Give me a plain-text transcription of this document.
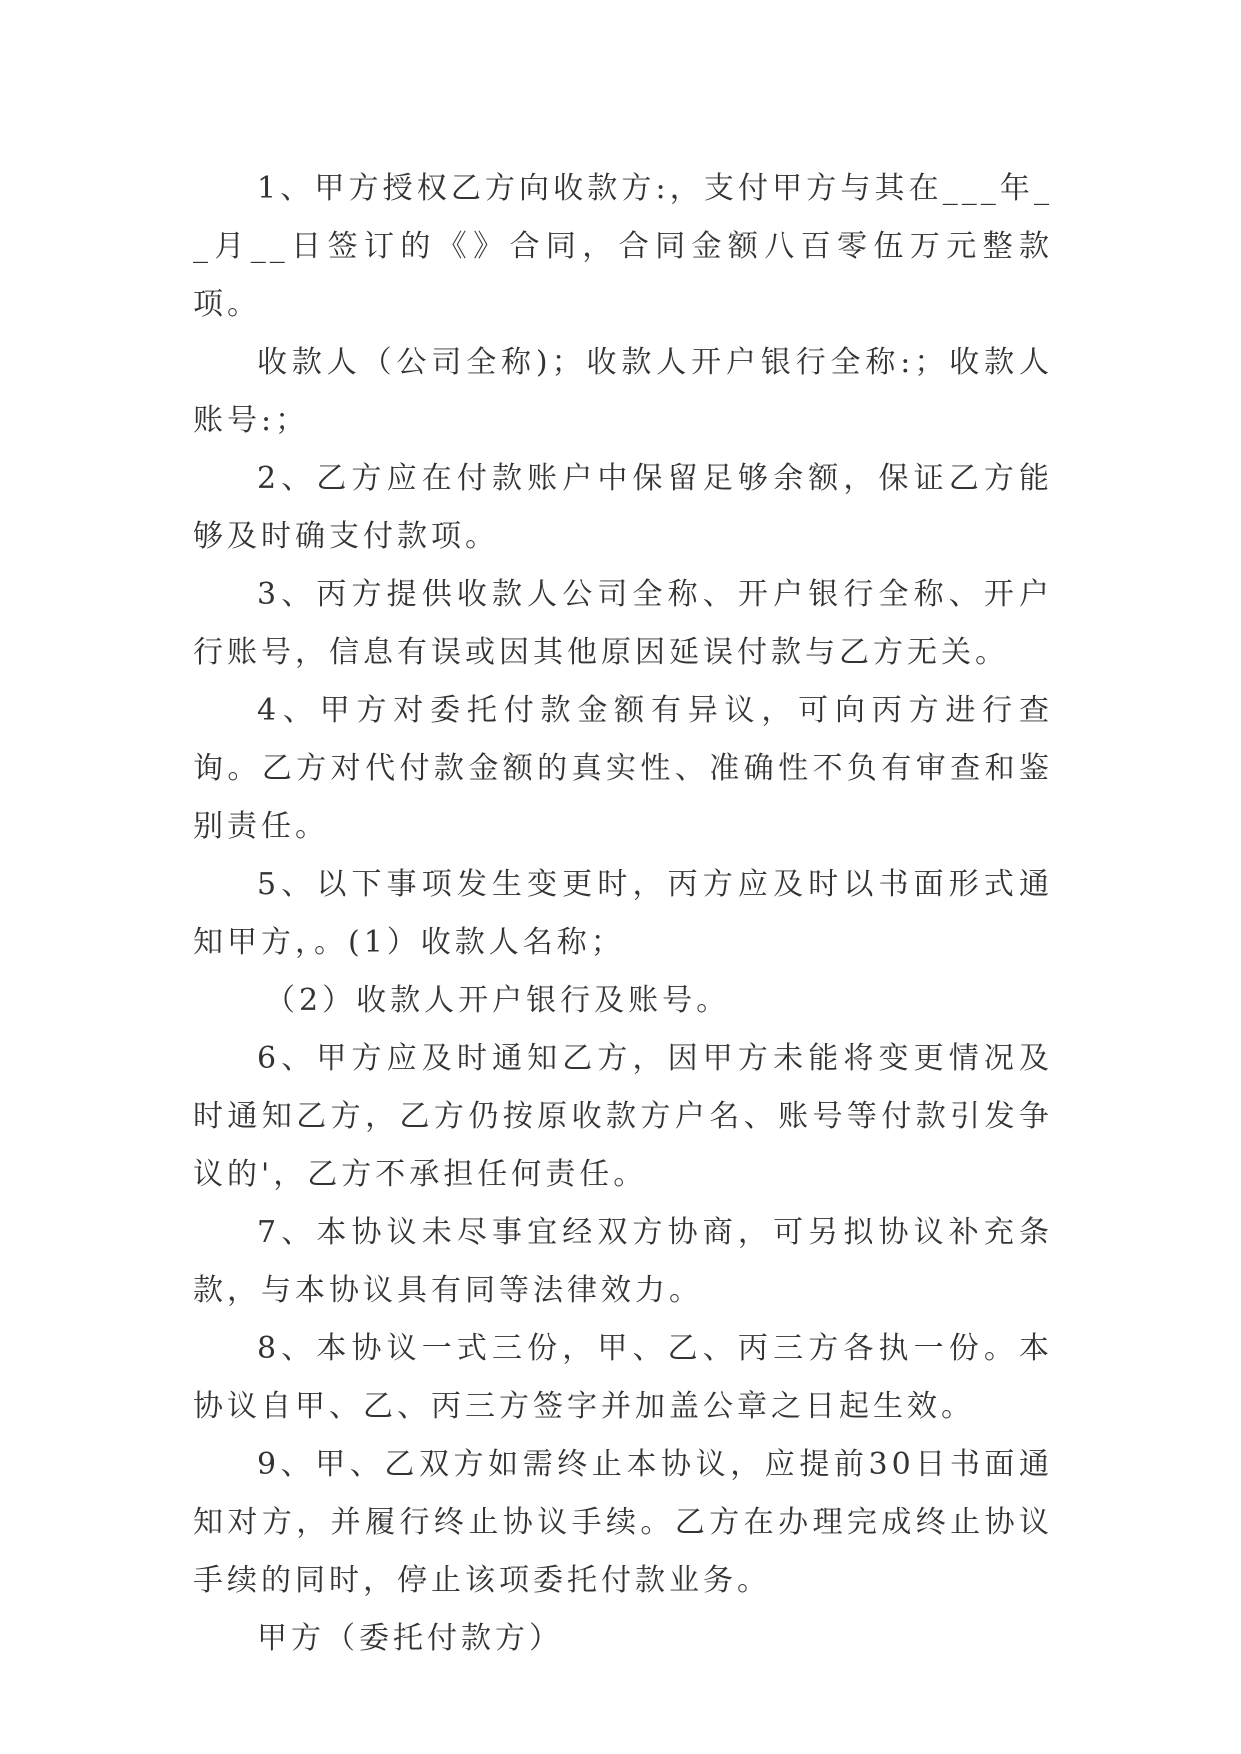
1、甲方授权乙方向收款方:，支付甲方与其在___年__月__日签订的《》合同，合同金额八百零伍万元整款项。

收款人（公司全称)；收款人开户银行全称:；收款人账号:；

2、乙方应在付款账户中保留足够余额，保证乙方能够及时确支付款项。

3、丙方提供收款人公司全称、开户银行全称、开户行账号，信息有误或因其他原因延误付款与乙方无关。

4、甲方对委托付款金额有异议，可向丙方进行查询。乙方对代付款金额的真实性、准确性不负有审查和鉴别责任。

5、以下事项发生变更时，丙方应及时以书面形式通知甲方，。(1）收款人名称；

（2）收款人开户银行及账号。

6、甲方应及时通知乙方，因甲方未能将变更情况及时通知乙方，乙方仍按原收款方户名、账号等付款引发争议的'，乙方不承担任何责任。

7、本协议未尽事宜经双方协商，可另拟协议补充条款，与本协议具有同等法律效力。

8、本协议一式三份，甲、乙、丙三方各执一份。本协议自甲、乙、丙三方签字并加盖公章之日起生效。

9、甲、乙双方如需终止本协议，应提前30日书面通知对方，并履行终止协议手续。乙方在办理完成终止协议手续的同时，停止该项委托付款业务。

甲方（委托付款方）
